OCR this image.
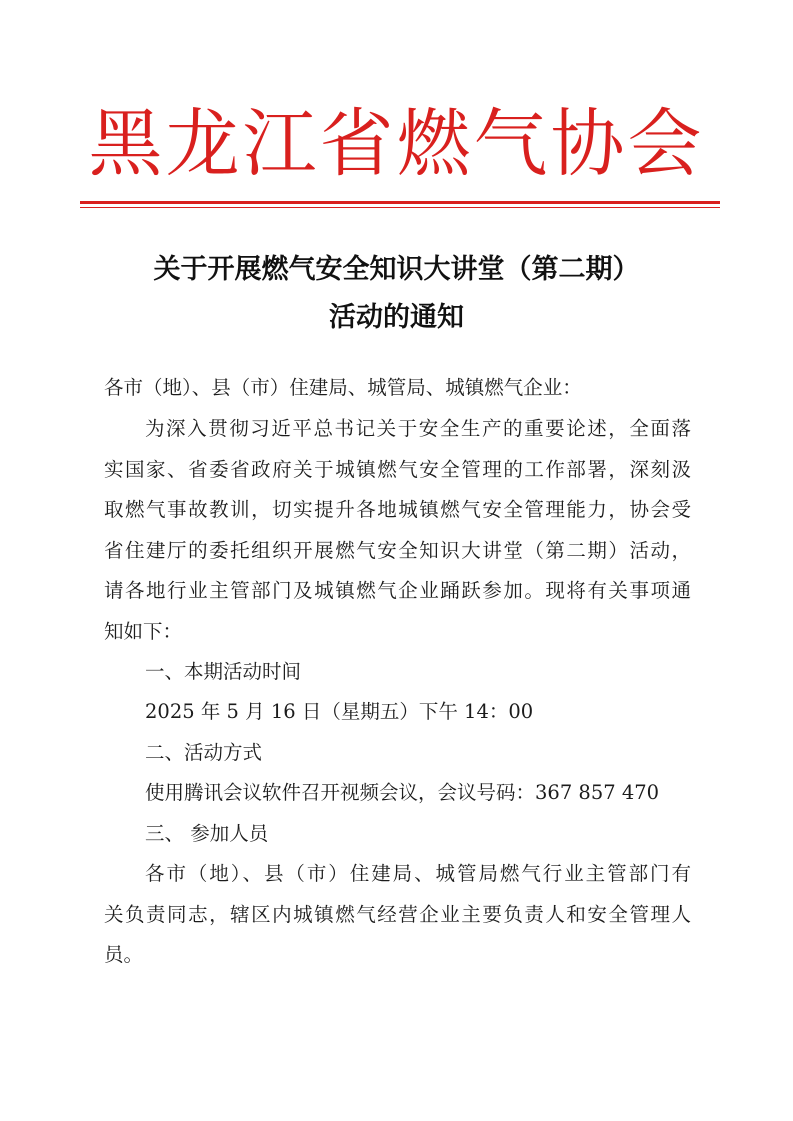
黑龙江省燃气协会
关于开展燃气安全知识大讲堂（第二期）
活动的通知
各市（地）、县（市）住建局、城管局、城镇燃气企业：
为深入贯彻习近平总书记关于安全生产的重要论述，全面落
实国家、省委省政府关于城镇燃气安全管理的工作部署，深刻汲
取燃气事故教训，切实提升各地城镇燃气安全管理能力，协会受
省住建厅的委托组织开展燃气安全知识大讲堂（第二期）活动，
请各地行业主管部门及城镇燃气企业踊跃参加。现将有关事项通
知如下：
一、本期活动时间
2025 年 5 月 16 日（星期五）下午 14：00
二、活动方式
使用腾讯会议软件召开视频会议，会议号码：367 857 470
三、 参加人员
各市（地）、县（市）住建局、城管局燃气行业主管部门有
关负责同志，辖区内城镇燃气经营企业主要负责人和安全管理人
员。
